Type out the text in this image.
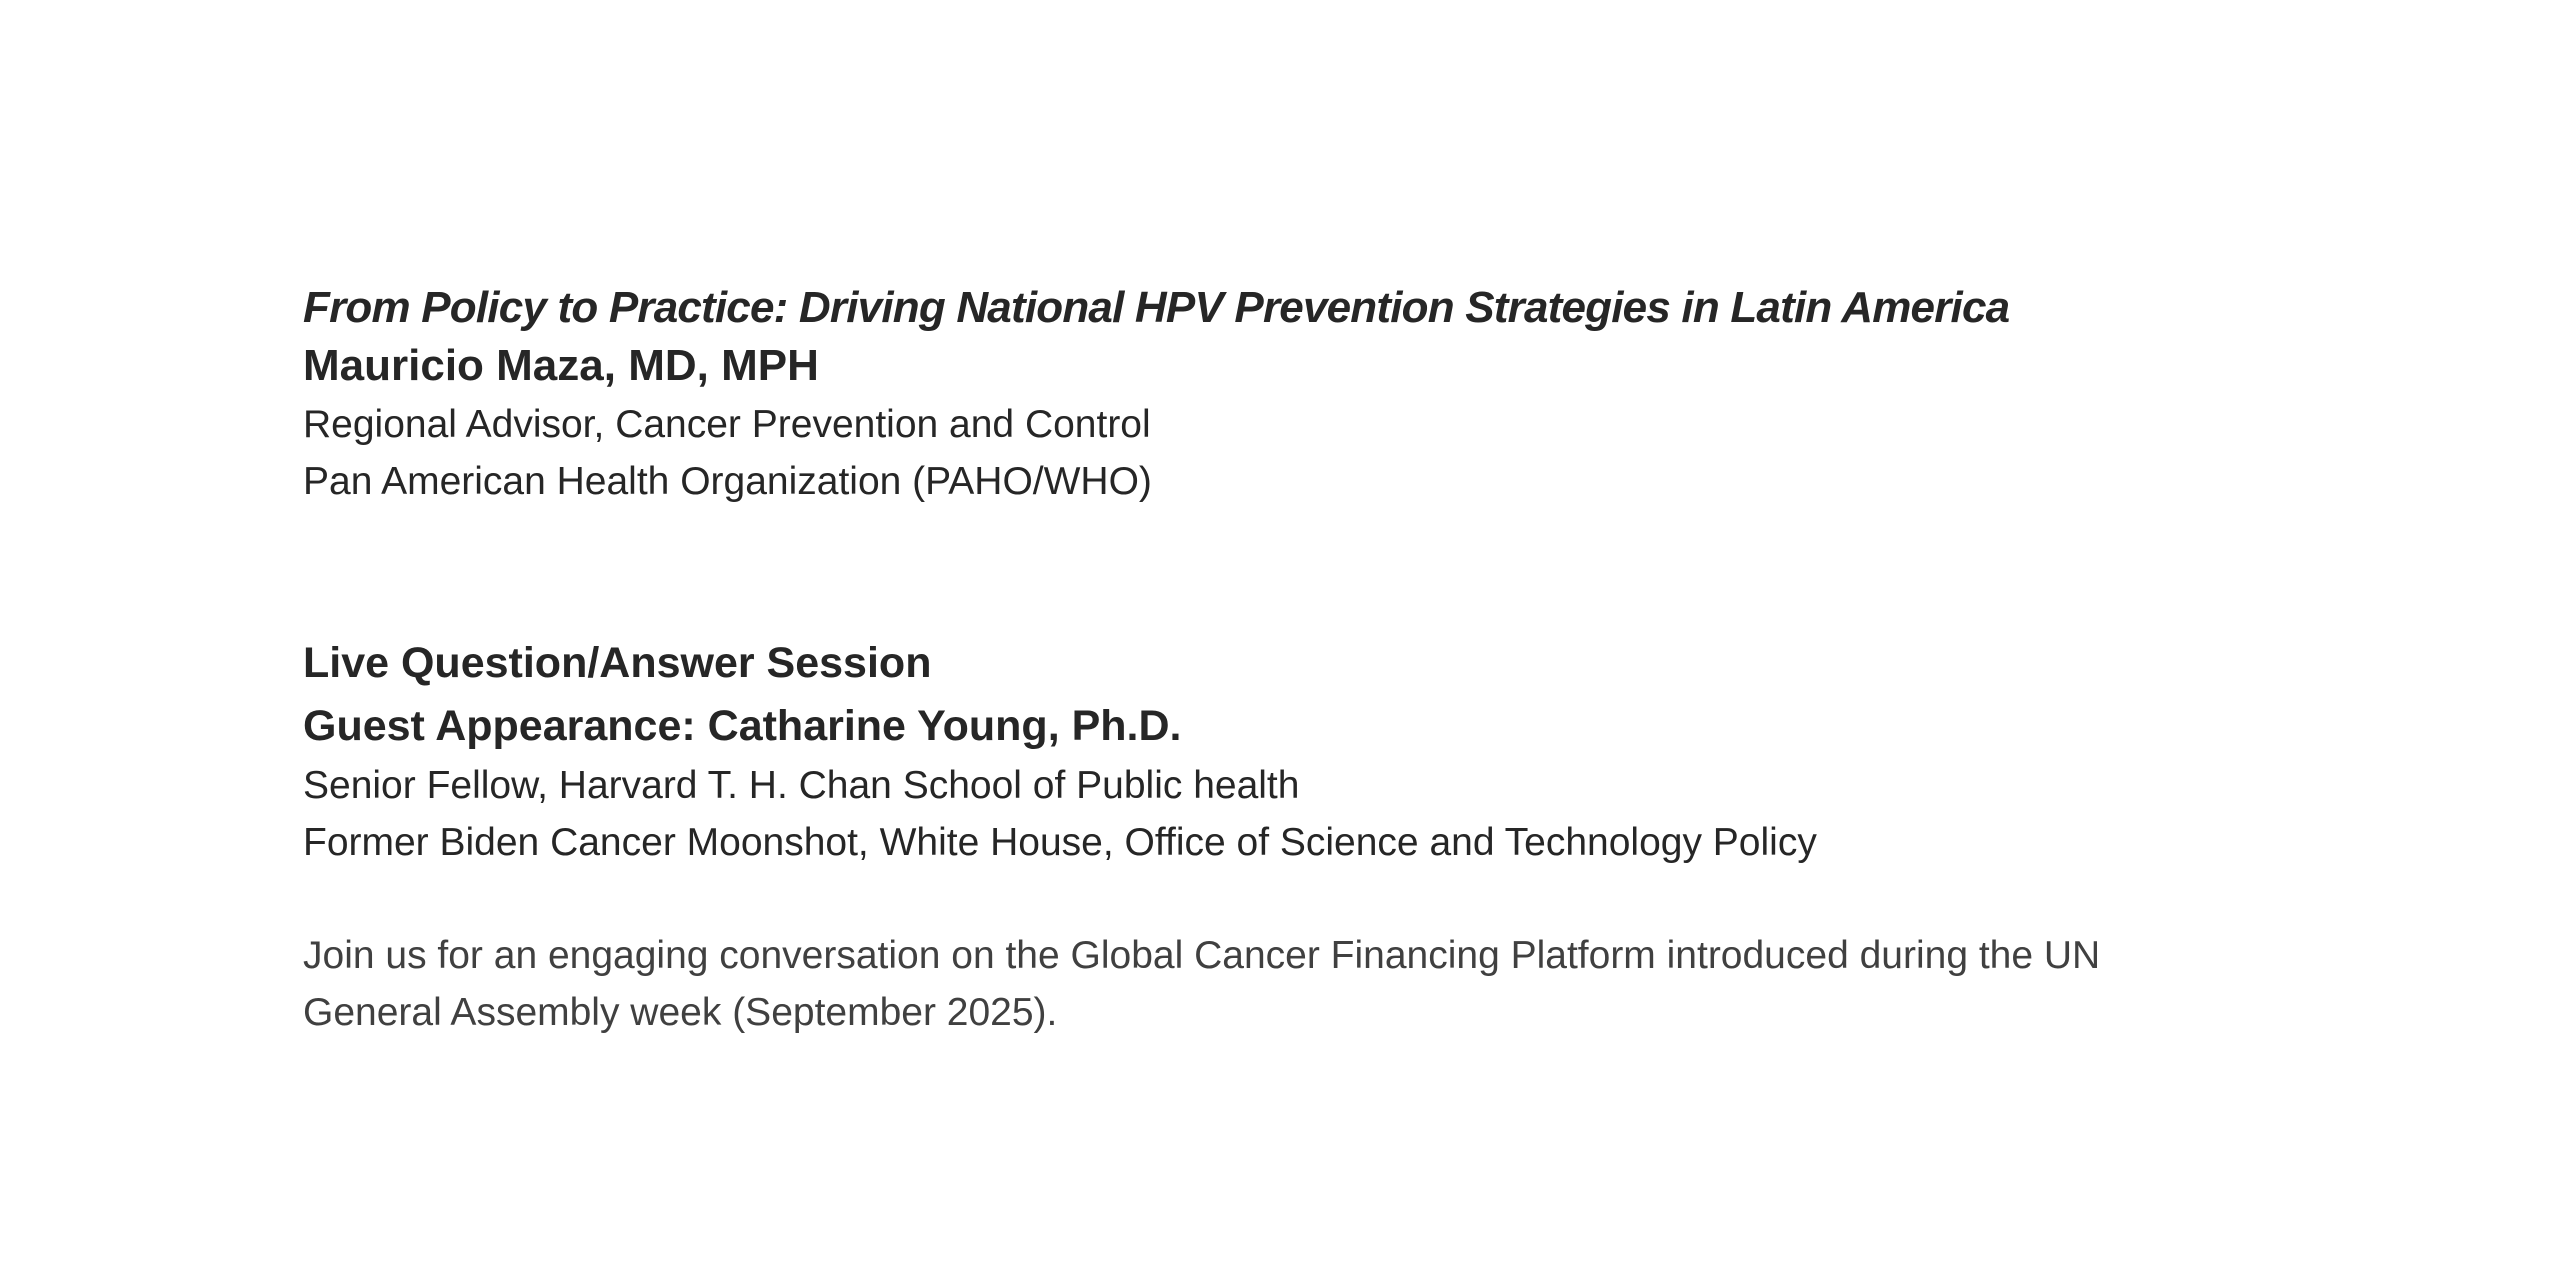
From Policy to Practice: Driving National HPV Prevention Strategies in Latin America
Mauricio Maza, MD, MPH
Regional Advisor, Cancer Prevention and Control
Pan American Health Organization (PAHO/WHO)
Live Question/Answer Session
Guest Appearance: Catharine Young, Ph.D.
Senior Fellow, Harvard T. H. Chan School of Public health
Former Biden Cancer Moonshot, White House, Office of Science and Technology Policy
Join us for an engaging conversation on the Global Cancer Financing Platform introduced during the UN
General Assembly week (September 2025).
